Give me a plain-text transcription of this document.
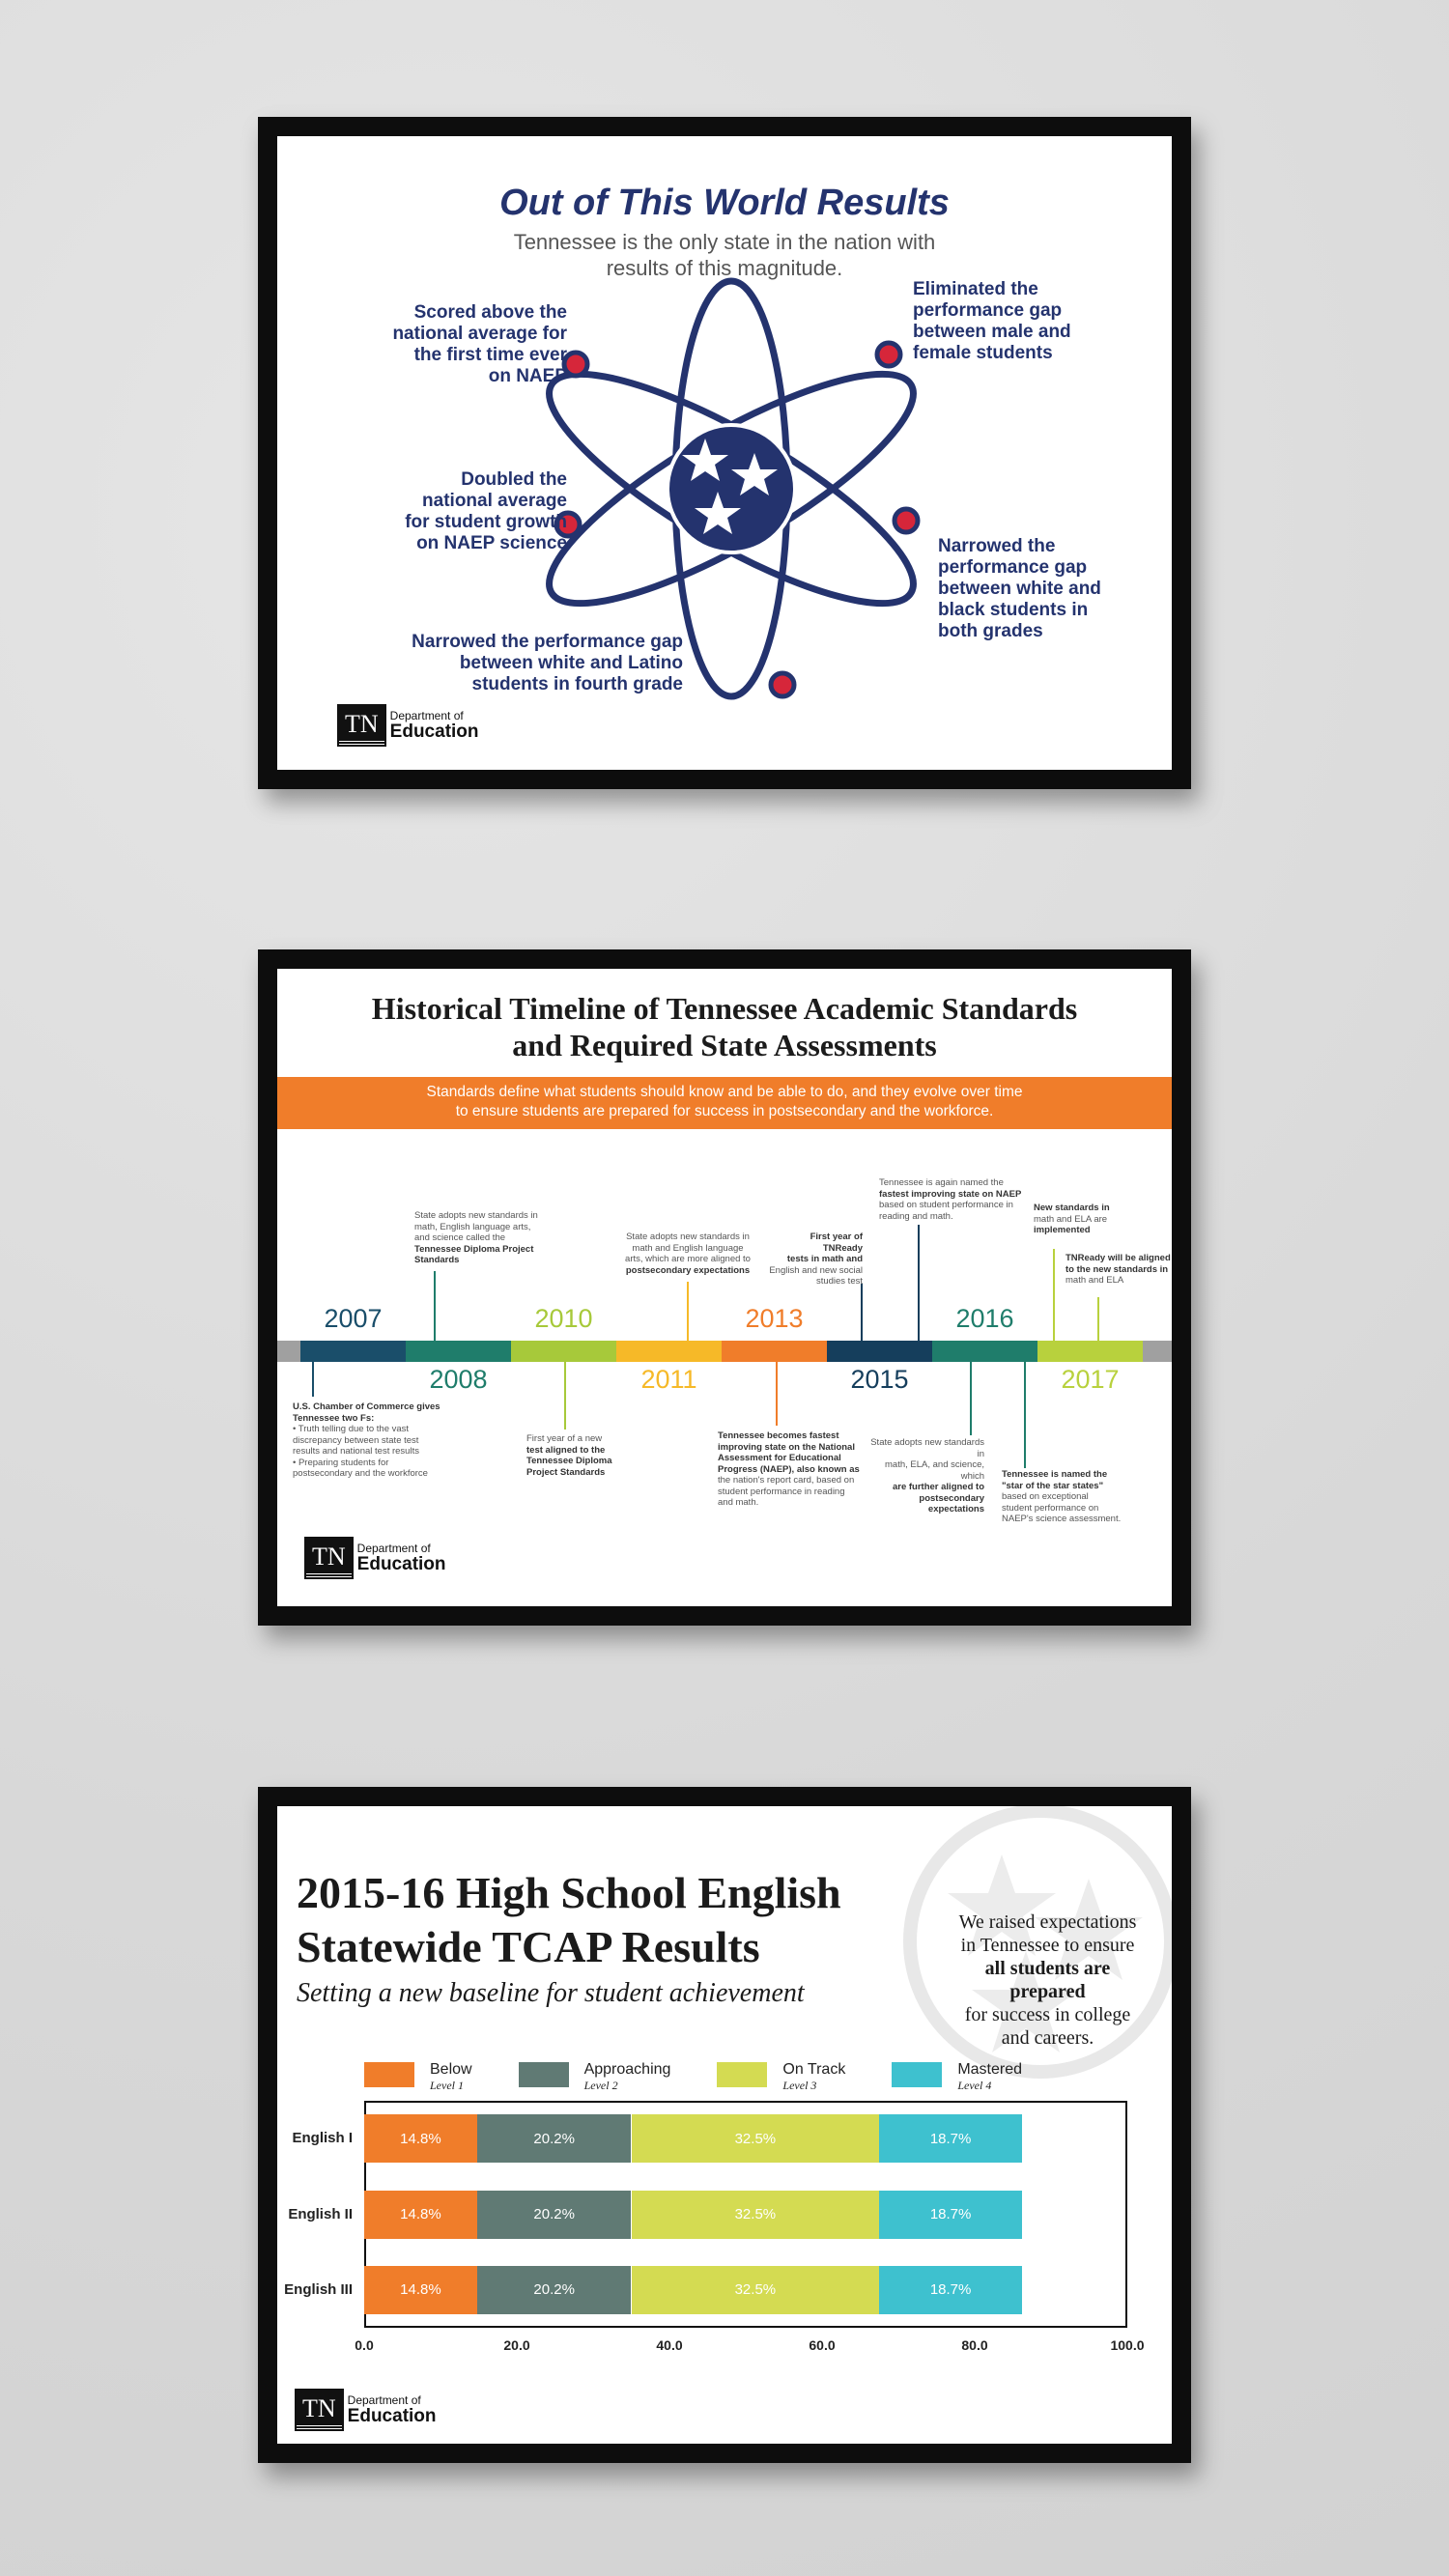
Out of This World Results
Tennessee is the only state in the nation with
results of this magnitude.
Scored above the
national average for
the first time ever
on NAEP
Doubled the
national average
for student growth
on NAEP science
Narrowed the performance gap
between white and Latino
students in fourth grade
Eliminated the
performance gap
between male and
female students
Narrowed the
performance gap
between white and
black students in
both grades
TN	Department of
Education
Historical Timeline of Tennessee Academic Standards
and Required State Assessments
Standards define what students should know and be able to do, and they evolve over time
to ensure students are prepared for success in postsecondary and the workforce.
2007
2008
2010
2011
2013
2015
2016
2017
U.S. Chamber of Commerce gives
Tennessee two Fs:
• Truth telling due to the vast
discrepancy between state test
results and national test results
• Preparing students for
postsecondary and the workforce
State adopts new standards in
math, English language arts,
and science called the
Tennessee Diploma Project
Standards
First year of a new
test aligned to the
Tennessee Diploma
Project Standards
State adopts new standards in
math and English language
arts, which are more aligned to
postsecondary expectations
Tennessee becomes fastest
improving state on the National
Assessment for Educational
Progress (NAEP), also known as
the nation's report card, based on
student performance in reading
and math.
First year of TNReady
tests in math and
English and new social
studies test
Tennessee is again named the
fastest improving state on NAEP
based on student performance in
reading and math.
State adopts new standards in
math, ELA, and science, which
are further aligned to
postsecondary expectations
Tennessee is named the
"star of the star states"
based on exceptional
student performance on
NAEP's science assessment.
New standards in
math and ELA are
implemented
TNReady will be aligned
to the new standards in
math and ELA
TN	Department of
Education
2015-16 High School English
Statewide TCAP Results
Setting a new baseline for student achievement
We raised expectations
in Tennessee to ensure
all students are prepared
for success in college
and careers.
Below
Level 1
Approaching
Level 2
On Track
Level 3
Mastered
Level 4
English I	14.8%	20.2%	32.5%	18.7%
English II	14.8%	20.2%	32.5%	18.7%
English III	14.8%	20.2%	32.5%	18.7%
0.0	20.0	40.0	60.0	80.0	100.0
TN	Department of
Education
